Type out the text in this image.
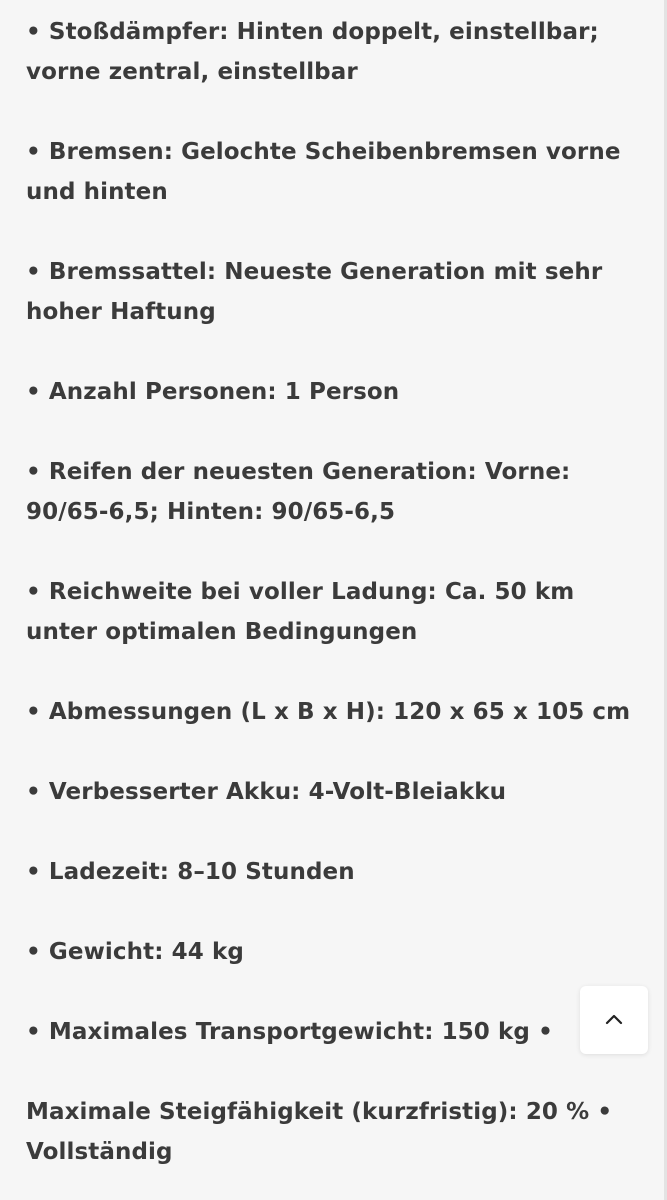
• Stoßdämpfer: Hinten doppelt, einstellbar; vorne zentral, einstellbar

• Bremsen: Gelochte Scheibenbremsen vorne und hinten

• Bremssattel: Neueste Generation mit sehr hoher Haftung

• Anzahl Personen: 1 Person

• Reifen der neuesten Generation: Vorne: 90/65-6,5; Hinten: 90/65-6,5

• Reichweite bei voller Ladung: Ca. 50 km unter optimalen Bedingungen

• Abmessungen (L x B x H): 120 x 65 x 105 cm

• Verbesserter Akku: 4-Volt-Bleiakku

• Ladezeit: 8–10 Stunden

• Gewicht: 44 kg

• Maximales Transportgewicht: 150 kg •

Maximale Steigfähigkeit (kurzfristig): 20 % • Vollständig
